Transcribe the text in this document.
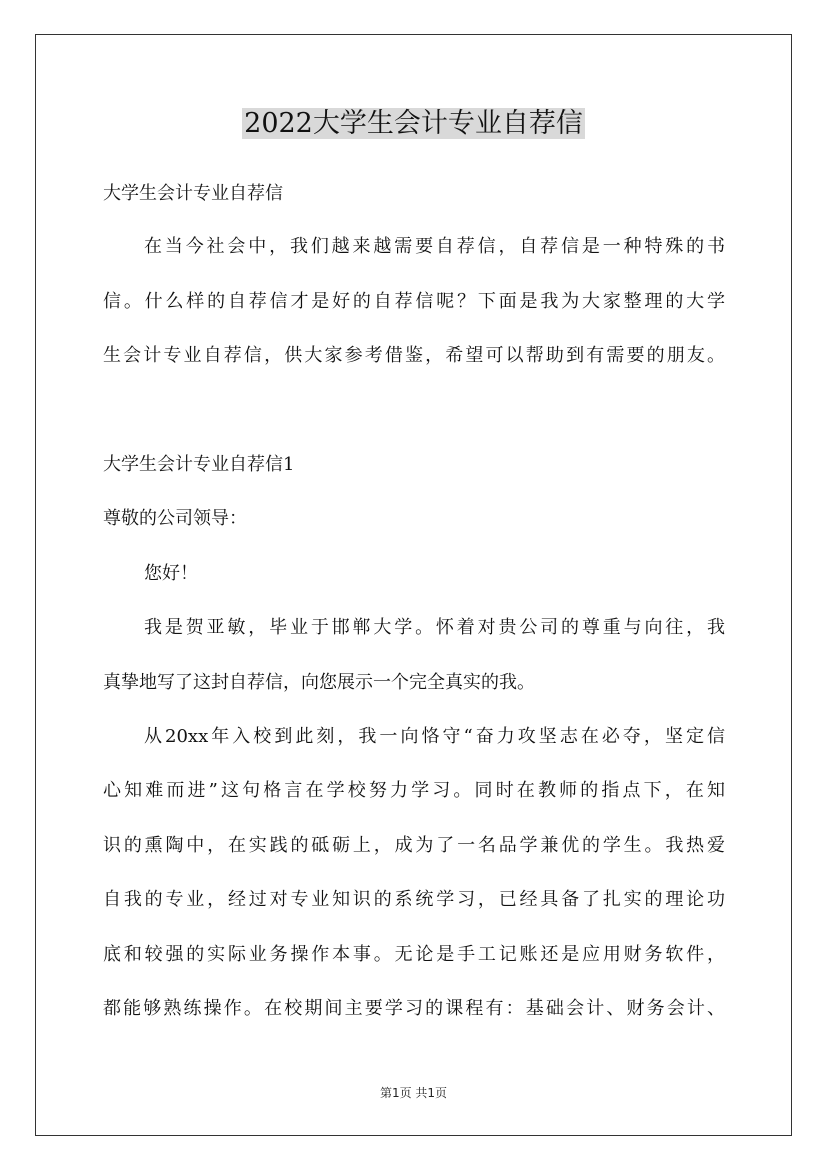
2022大学生会计专业自荐信

大学生会计专业自荐信

在当今社会中，我们越来越需要自荐信，自荐信是一种特殊的书

信。什么样的自荐信才是好的自荐信呢？下面是我为大家整理的大学

生会计专业自荐信，供大家参考借鉴，希望可以帮助到有需要的朋友。

大学生会计专业自荐信1

尊敬的公司领导：

您好！

我是贺亚敏，毕业于邯郸大学。怀着对贵公司的尊重与向往，我

真挚地写了这封自荐信，向您展示一个完全真实的我。

从20xx年入校到此刻，我一向恪守“奋力攻坚志在必夺，坚定信

心知难而进”这句格言在学校努力学习。同时在教师的指点下，在知

识的熏陶中，在实践的砥砺上，成为了一名品学兼优的学生。我热爱

自我的专业，经过对专业知识的系统学习，已经具备了扎实的理论功

底和较强的实际业务操作本事。无论是手工记账还是应用财务软件，

都能够熟练操作。在校期间主要学习的课程有：基础会计、财务会计、

第1页 共1页
